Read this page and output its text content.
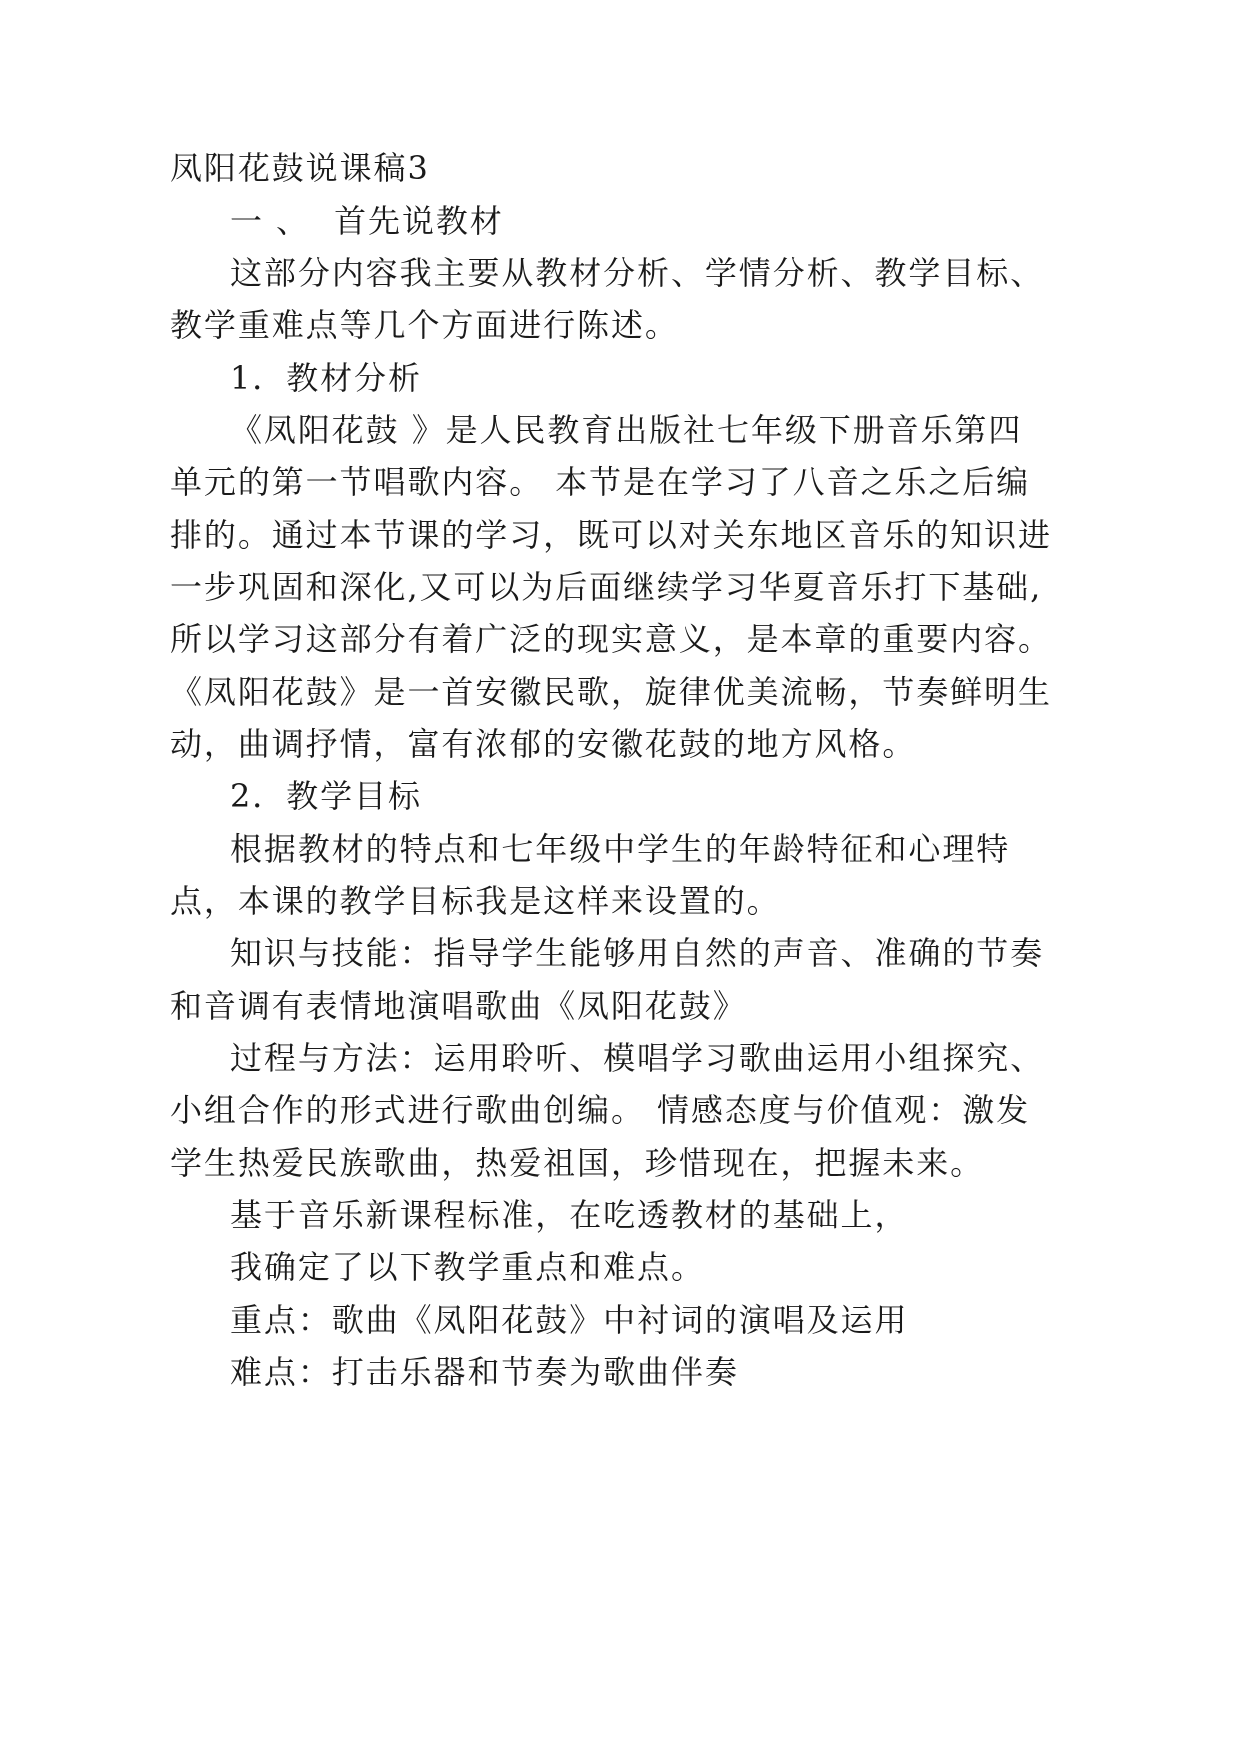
凤阳花鼓说课稿3
一 、  首先说教材
这部分内容我主要从教材分析、学情分析、教学目标、
教学重难点等几个方面进行陈述。
1．教材分析
《凤阳花鼓 》是人民教育出版社七年级下册音乐第四
单元的第一节唱歌内容。 本节是在学习了八音之乐之后编
排的。通过本节课的学习，既可以对关东地区音乐的知识进
一步巩固和深化,又可以为后面继续学习华夏音乐打下基础,
所以学习这部分有着广泛的现实意义，是本章的重要内容。
《凤阳花鼓》是一首安徽民歌，旋律优美流畅，节奏鲜明生
动，曲调抒情，富有浓郁的安徽花鼓的地方风格。
2．教学目标
根据教材的特点和七年级中学生的年龄特征和心理特
点，本课的教学目标我是这样来设置的。
知识与技能：指导学生能够用自然的声音、准确的节奏
和音调有表情地演唱歌曲《凤阳花鼓》
过程与方法：运用聆听、模唱学习歌曲运用小组探究、
小组合作的形式进行歌曲创编。 情感态度与价值观：激发
学生热爱民族歌曲，热爱祖国，珍惜现在，把握未来。
基于音乐新课程标准，在吃透教材的基础上，
我确定了以下教学重点和难点。
重点：歌曲《凤阳花鼓》中衬词的演唱及运用
难点：打击乐器和节奏为歌曲伴奏
